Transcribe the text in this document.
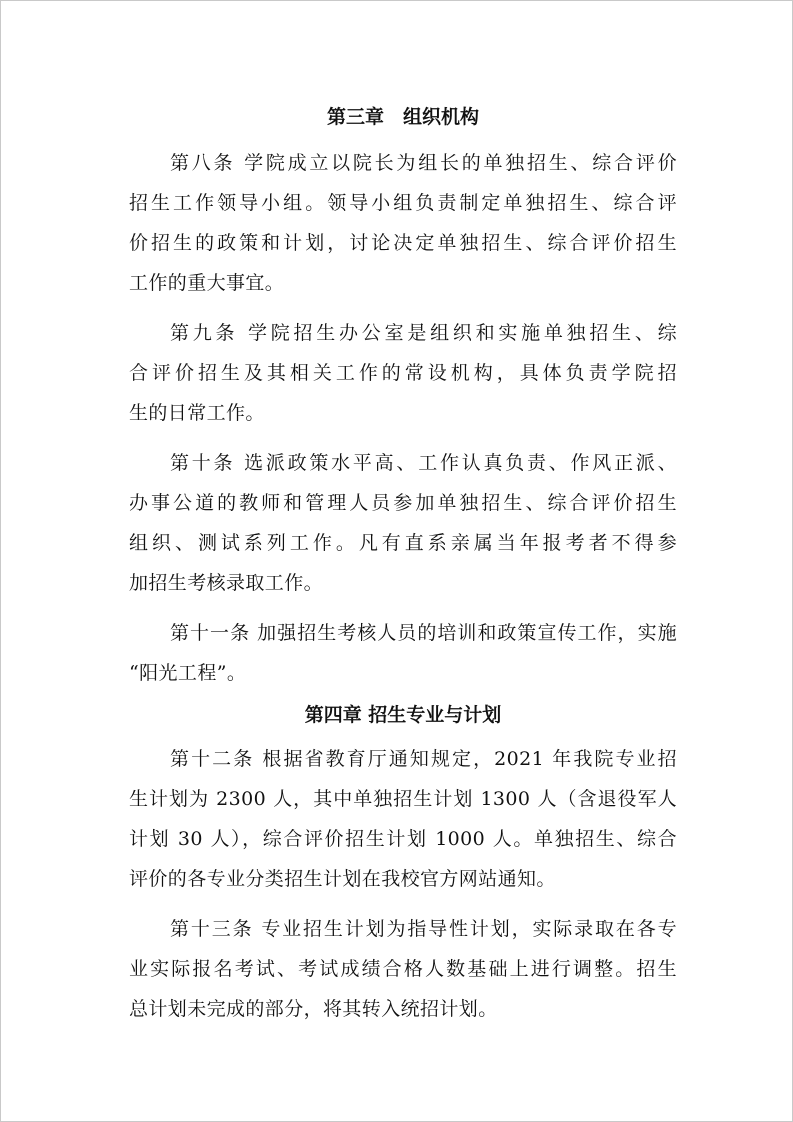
第三章　组织机构
第八条 学院成立以院长为组长的单独招生、综合评价
招生工作领导小组。领导小组负责制定单独招生、综合评
价招生的政策和计划，讨论决定单独招生、综合评价招生
工作的重大事宜。
第九条 学院招生办公室是组织和实施单独招生、综
合评价招生及其相关工作的常设机构，具体负责学院招
生的日常工作。
第十条 选派政策水平高、工作认真负责、作风正派、
办事公道的教师和管理人员参加单独招生、综合评价招生
组织、测试系列工作。凡有直系亲属当年报考者不得参
加招生考核录取工作。
第十一条 加强招生考核人员的培训和政策宣传工作，实施
“阳光工程”。
第四章 招生专业与计划
第十二条 根据省教育厅通知规定，2021 年我院专业招
生计划为 2300 人，其中单独招生计划 1300 人（含退役军人
计划 30 人），综合评价招生计划 1000 人。单独招生、综合
评价的各专业分类招生计划在我校官方网站通知。
第十三条 专业招生计划为指导性计划，实际录取在各专
业实际报名考试、考试成绩合格人数基础上进行调整。招生
总计划未完成的部分，将其转入统招计划。
